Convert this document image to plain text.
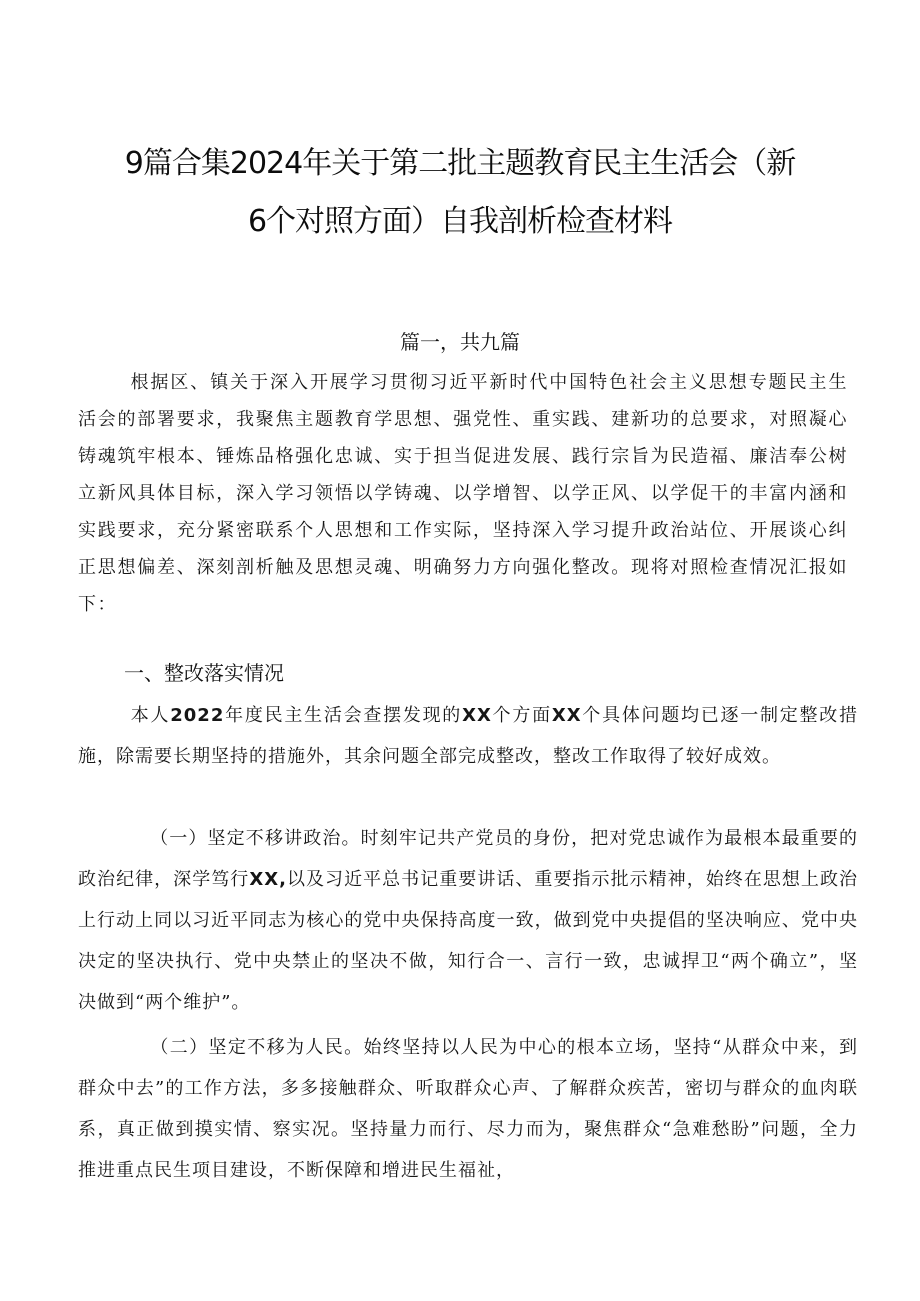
9篇合集2024年关于第二批主题教育民主生活会（新
6个对照方面）自我剖析检查材料
篇一，共九篇

根据区、镇关于深入开展学习贯彻习近平新时代中国特色社会主义思想专题民主生活会的部署要求，我聚焦主题教育学思想、强党性、重实践、建新功的总要求，对照凝心铸魂筑牢根本、锤炼品格强化忠诚、实于担当促进发展、践行宗旨为民造福、廉洁奉公树立新风具体目标，深入学习领悟以学铸魂、以学增智、以学正风、以学促干的丰富内涵和实践要求，充分紧密联系个人思想和工作实际，坚持深入学习提升政治站位、开展谈心纠正思想偏差、深刻剖析触及思想灵魂、明确努力方向强化整改。现将对照检查情况汇报如下：

一、整改落实情况

本人2022年度民主生活会查摆发现的XX个方面XX个具体问题均已逐一制定整改措施，除需要长期坚持的措施外，其余问题全部完成整改，整改工作取得了较好成效。

（一）坚定不移讲政治。时刻牢记共产党员的身份，把对党忠诚作为最根本最重要的政治纪律，深学笃行XX,以及习近平总书记重要讲话、重要指示批示精神，始终在思想上政治上行动上同以习近平同志为核心的党中央保持高度一致，做到党中央提倡的坚决响应、党中央决定的坚决执行、党中央禁止的坚决不做，知行合一、言行一致，忠诚捍卫“两个确立”，坚决做到“两个维护”。

（二）坚定不移为人民。始终坚持以人民为中心的根本立场，坚持“从群众中来，到群众中去”的工作方法，多多接触群众、听取群众心声、了解群众疾苦，密切与群众的血肉联系，真正做到摸实情、察实况。坚持量力而行、尽力而为，聚焦群众“急难愁盼”问题，全力推进重点民生项目建设，不断保障和增进民生福祉，
